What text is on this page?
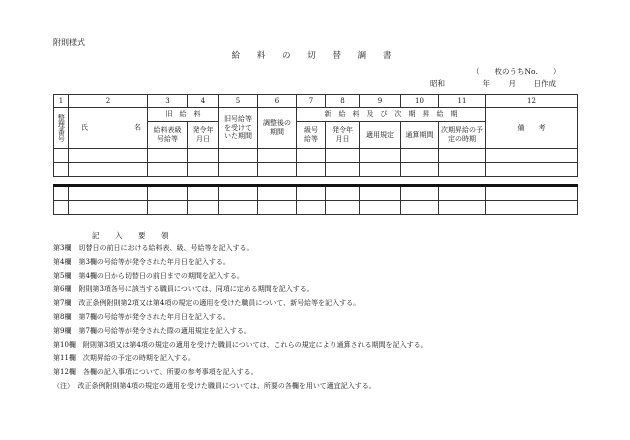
附則様式
給 料 の 切 替 調 書
（　　枚のうちNo.　　）
昭和	年 月 日作成
1	2	3	4	5	6	7	8	9	10	11	12

整理番号	氏 名	旧　給　料		旧号給等を受けていた期間	調整後の期間	新　給　料　及　び　次　期　昇　給　期					備　　考

		給料表級号給等	発令年月日			級号給等	発令年月日	適用規定	通算期間	次期昇給の予定の時期	

記　入　要　領
第3欄　切替日の前日における給料表、級、号給等を記入する。
第4欄　第3欄の号給等が発令された年月日を記入する。
第5欄　第4欄の日から切替日の前日までの期間を記入する。
第6欄　附則第3項各号に該当する職員については、同項に定める期間を記入する。
第7欄　改正条例附則第2項又は第4項の規定の適用を受けた職員について、新号給等を記入する。
第8欄　第7欄の号給等が発令された年月日を記入する。
第9欄　第7欄の号給等が発令された際の適用規定を記入する。
第10欄　附則第3項又は第4項の規定の適用を受けた職員については、これらの規定により通算される期間を記入する。
第11欄　次期昇給の予定の時期を記入する。
第12欄　各欄の記入事項について、所要の参考事項を記入する。
（注）　改正条例附則第4項の規定の適用を受けた職員については、所要の各欄を用いて適宜記入する。
